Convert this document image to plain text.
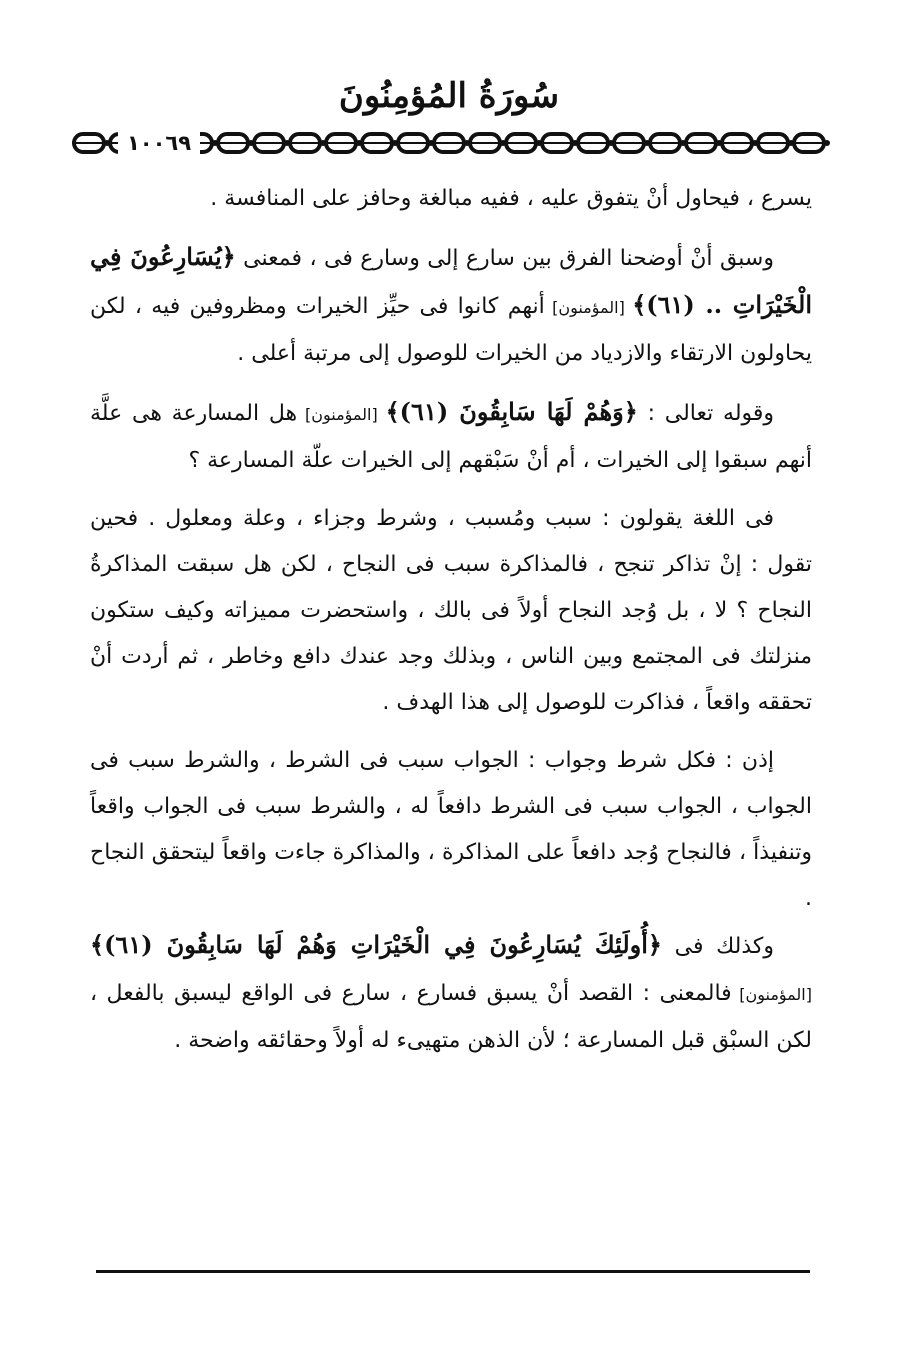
سُورَةُ المُؤمِنُونَ
١٠٠٦٩

يسرع ، فيحاول أنْ يتفوق عليه ، ففيه مبالغة وحافز على المنافسة .

وسبق أنْ أوضحنا الفرق بين سارع إلى وسارع فى ، فمعنى ﴿يُسَارِعُونَ فِي الْخَيْرَاتِ .. (٦١)﴾ [المؤمنون] أنهم كانوا فى حيِّز الخيرات ومظروفين فيه ، لكن يحاولون الارتقاء والازدياد من الخيرات للوصول إلى مرتبة أعلى .

وقوله تعالى : ﴿وَهُمْ لَهَا سَابِقُونَ (٦١)﴾ [المؤمنون] هل المسارعة هى علَّة أنهم سبقوا إلى الخيرات ، أم أنْ سَبْقهم إلى الخيرات علّة المسارعة ؟

فى اللغة يقولون : سبب ومُسبب ، وشرط وجزاء ، وعلة ومعلول . فحين تقول : إنْ تذاكر تنجح ، فالمذاكرة سبب فى النجاح ، لكن هل سبقت المذاكرةُ النجاح ؟ لا ، بل وُجد النجاح أولاً فى بالك ، واستحضرت مميزاته وكيف ستكون منزلتك فى المجتمع وبين الناس ، وبذلك وجد عندك دافع وخاطر ، ثم أردت أنْ تحققه واقعاً ، فذاكرت للوصول إلى هذا الهدف .

إذن : فكل شرط وجواب : الجواب سبب فى الشرط ، والشرط سبب فى الجواب ، الجواب سبب فى الشرط دافعاً له ، والشرط سبب فى الجواب واقعاً وتنفيذاً ، فالنجاح وُجد دافعاً على المذاكرة ، والمذاكرة جاءت واقعاً ليتحقق النجاح .

وكذلك فى ﴿أُولَئِكَ يُسَارِعُونَ فِي الْخَيْرَاتِ وَهُمْ لَهَا سَابِقُونَ (٦١)﴾ [المؤمنون] فالمعنى : القصد أنْ يسبق فسارع ، سارع فى الواقع ليسبق بالفعل ، لكن السبْق قبل المسارعة ؛ لأن الذهن متهيىء له أولاً وحقائقه واضحة .
